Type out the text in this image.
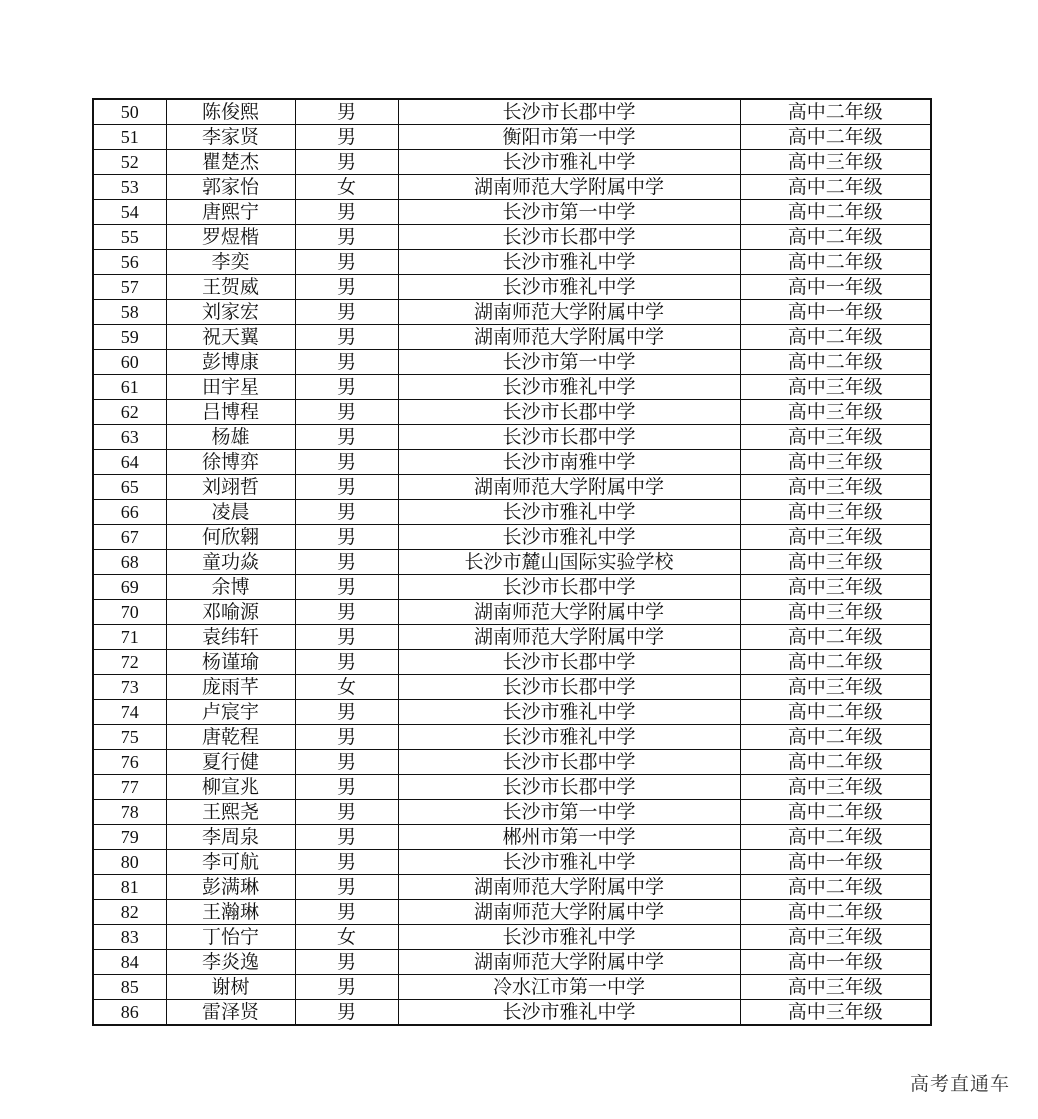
50	陈俊熙	男	长沙市长郡中学	高中二年级
51	李家贤	男	衡阳市第一中学	高中二年级
52	瞿楚杰	男	长沙市雅礼中学	高中三年级
53	郭家怡	女	湖南师范大学附属中学	高中二年级
54	唐熙宁	男	长沙市第一中学	高中二年级
55	罗煜楷	男	长沙市长郡中学	高中二年级
56	李奕	男	长沙市雅礼中学	高中二年级
57	王贺威	男	长沙市雅礼中学	高中一年级
58	刘家宏	男	湖南师范大学附属中学	高中一年级
59	祝天翼	男	湖南师范大学附属中学	高中二年级
60	彭博康	男	长沙市第一中学	高中二年级
61	田宇星	男	长沙市雅礼中学	高中三年级
62	吕博程	男	长沙市长郡中学	高中三年级
63	杨雄	男	长沙市长郡中学	高中三年级
64	徐博弈	男	长沙市南雅中学	高中三年级
65	刘翊哲	男	湖南师范大学附属中学	高中三年级
66	凌晨	男	长沙市雅礼中学	高中三年级
67	何欣翱	男	长沙市雅礼中学	高中三年级
68	童功焱	男	长沙市麓山国际实验学校	高中三年级
69	余博	男	长沙市长郡中学	高中三年级
70	邓喻源	男	湖南师范大学附属中学	高中三年级
71	袁纬轩	男	湖南师范大学附属中学	高中二年级
72	杨谨瑜	男	长沙市长郡中学	高中二年级
73	庞雨芊	女	长沙市长郡中学	高中三年级
74	卢宸宇	男	长沙市雅礼中学	高中二年级
75	唐乾程	男	长沙市雅礼中学	高中二年级
76	夏行健	男	长沙市长郡中学	高中二年级
77	柳宣兆	男	长沙市长郡中学	高中三年级
78	王熙尧	男	长沙市第一中学	高中二年级
79	李周泉	男	郴州市第一中学	高中二年级
80	李可航	男	长沙市雅礼中学	高中一年级
81	彭满琳	男	湖南师范大学附属中学	高中二年级
82	王瀚琳	男	湖南师范大学附属中学	高中二年级
83	丁怡宁	女	长沙市雅礼中学	高中三年级
84	李炎逸	男	湖南师范大学附属中学	高中一年级
85	谢树	男	冷水江市第一中学	高中三年级
86	雷泽贤	男	长沙市雅礼中学	高中三年级
高考直通车
